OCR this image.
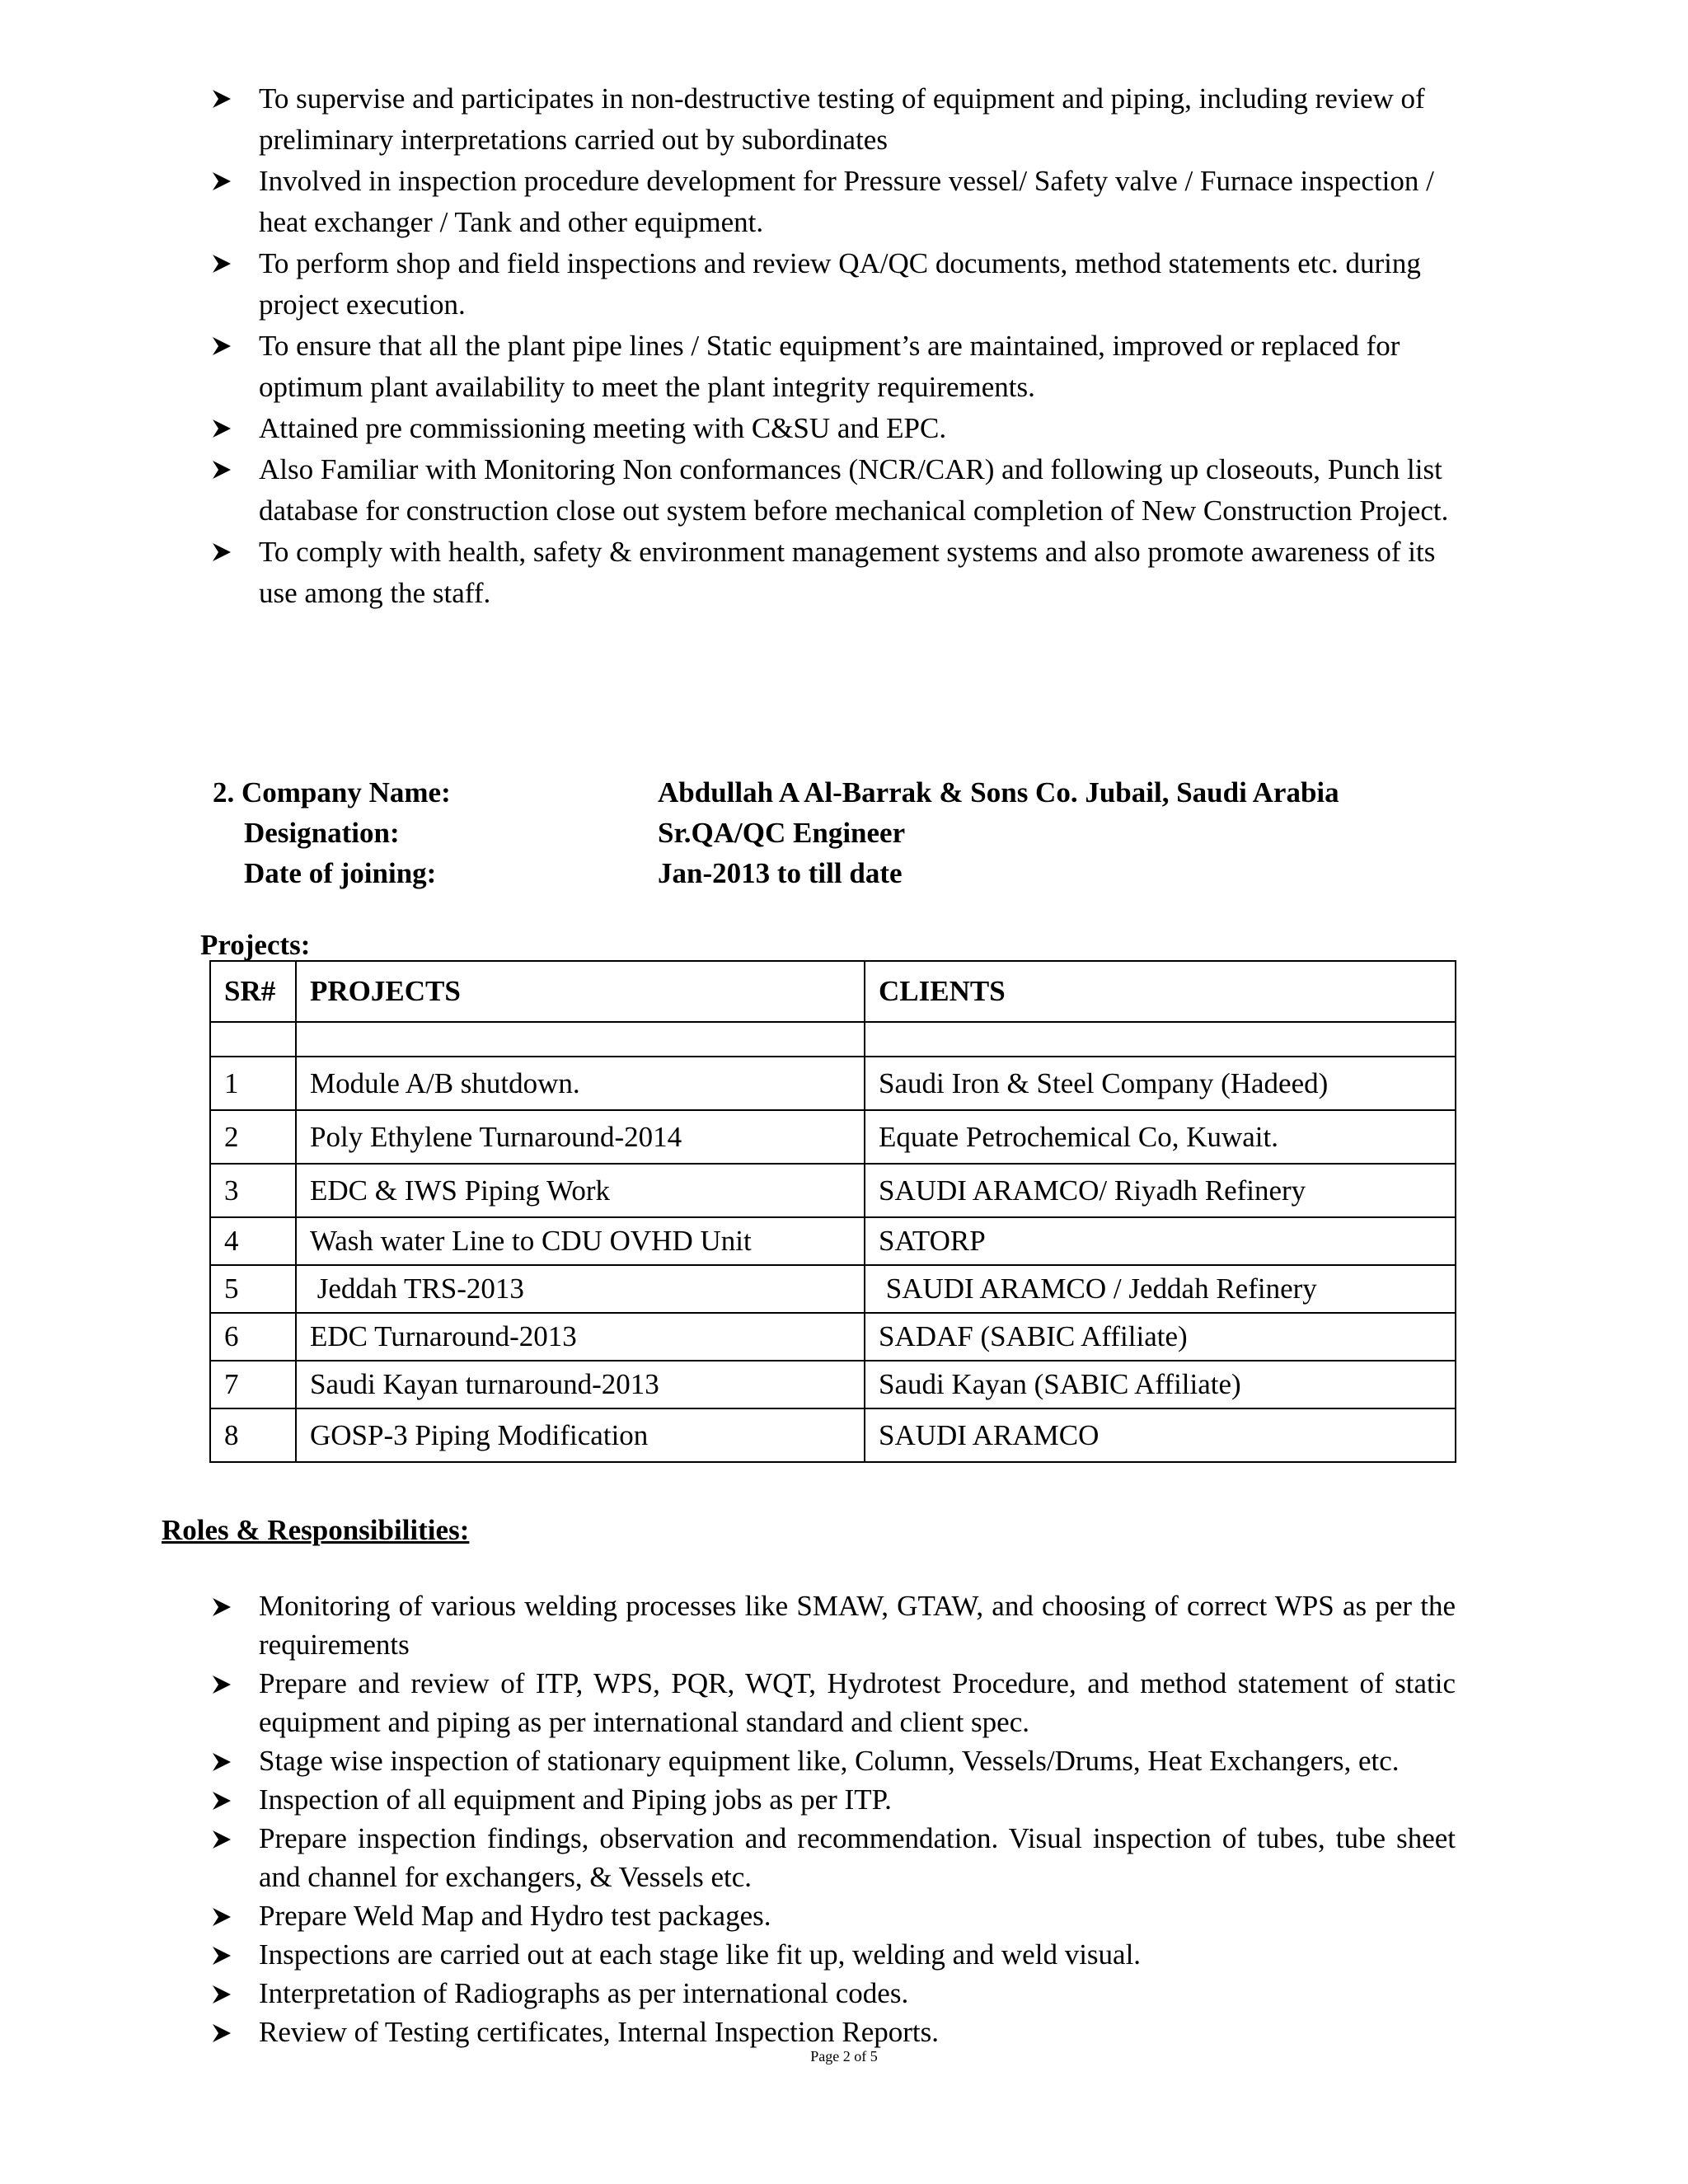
To supervise and participates in non-destructive testing of equipment and piping, including review of preliminary interpretations carried out by subordinates
Involved in inspection procedure development for Pressure vessel/ Safety valve / Furnace inspection / heat exchanger / Tank and other equipment.
To perform shop and field inspections and review QA/QC documents, method statements etc. during project execution.
To ensure that all the plant pipe lines / Static equipment’s are maintained, improved or replaced for optimum plant availability to meet the plant integrity requirements.
Attained pre commissioning meeting with C&SU and EPC.
Also Familiar with Monitoring Non conformances (NCR/CAR) and following up closeouts, Punch list database for construction close out system before mechanical completion of New Construction Project.
To comply with health, safety & environment management systems and also promote awareness of its use among the staff.
2. Company Name:	Abdullah A Al-Barrak & Sons Co. Jubail, Saudi Arabia
Designation:	Sr.QA/QC Engineer
Date of joining:	Jan-2013 to till date
Projects:
SR#	PROJECTS	CLIENTS

1	Module A/B shutdown.	Saudi Iron & Steel Company (Hadeed)
2	Poly Ethylene Turnaround-2014	Equate Petrochemical Co, Kuwait.
3	EDC & IWS Piping Work	SAUDI ARAMCO/ Riyadh Refinery
4	Wash water Line to CDU OVHD Unit	SATORP
5	Jeddah TRS-2013	SAUDI ARAMCO / Jeddah Refinery
6	EDC Turnaround-2013	SADAF (SABIC Affiliate)
7	Saudi Kayan turnaround-2013	Saudi Kayan (SABIC Affiliate)
8	GOSP-3 Piping Modification	SAUDI ARAMCO
Roles & Responsibilities:
Monitoring of various welding processes like SMAW, GTAW, and choosing of correct WPS as per the requirements
Prepare and review of ITP, WPS, PQR, WQT, Hydrotest Procedure, and method statement of static equipment and piping as per international standard and client spec.
Stage wise inspection of stationary equipment like, Column, Vessels/Drums, Heat Exchangers, etc.
Inspection of all equipment and Piping jobs as per ITP.
Prepare inspection findings, observation and recommendation. Visual inspection of tubes, tube sheet and channel for exchangers, & Vessels etc.
Prepare Weld Map and Hydro test packages.
Inspections are carried out at each stage like fit up, welding and weld visual.
Interpretation of Radiographs as per international codes.
Review of Testing certificates, Internal Inspection Reports.
Page 2 of 5
